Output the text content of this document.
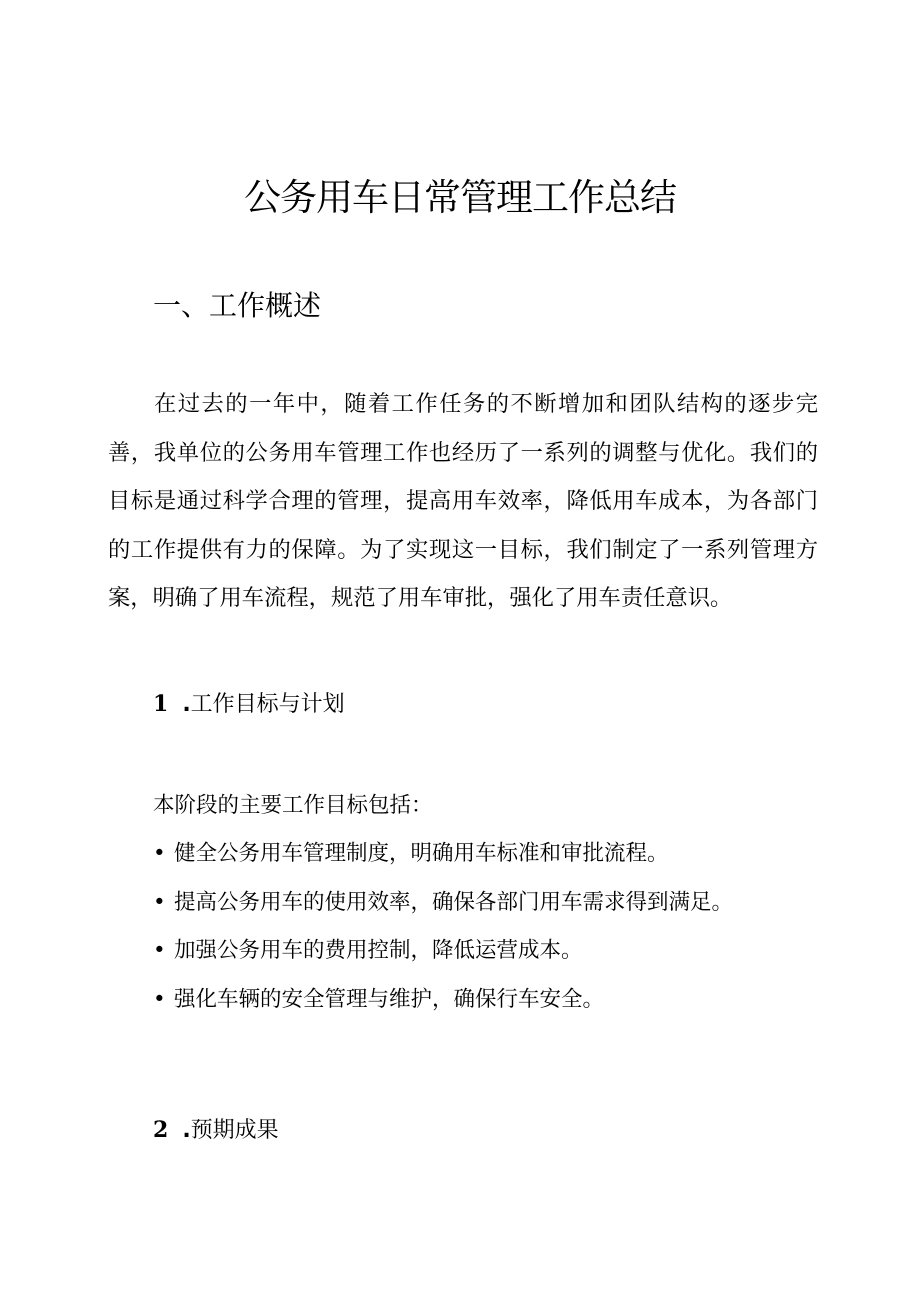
公务用车日常管理工作总结
一、工作概述

在过去的一年中，随着工作任务的不断增加和团队结构的逐步完善，我单位的公务用车管理工作也经历了一系列的调整与优化。我们的目标是通过科学合理的管理，提高用车效率，降低用车成本，为各部门的工作提供有力的保障。为了实现这一目标，我们制定了一系列管理方案，明确了用车流程，规范了用车审批，强化了用车责任意识。

1 .工作目标与计划

本阶段的主要工作目标包括：

• 健全公务用车管理制度，明确用车标准和审批流程。
• 提高公务用车的使用效率，确保各部门用车需求得到满足。
• 加强公务用车的费用控制，降低运营成本。
• 强化车辆的安全管理与维护，确保行车安全。
2 .预期成果
